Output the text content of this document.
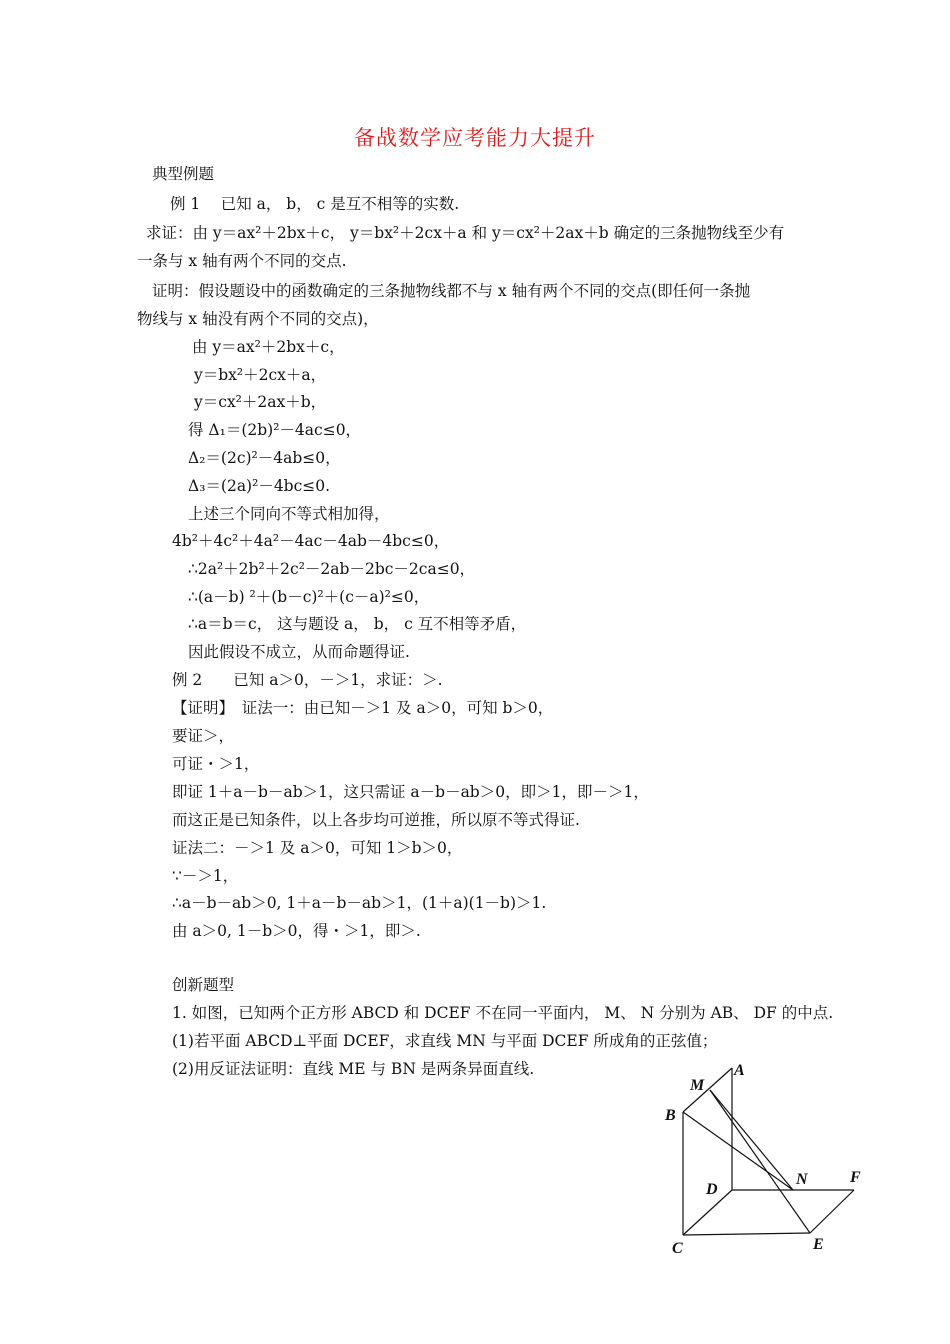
备战数学应考能力大提升
典型例题
例 1　 已知 a， b， c 是互不相等的实数.
求证：由 y＝ax²＋2bx＋c， y＝bx²＋2cx＋a 和 y＝cx²＋2ax＋b 确定的三条抛物线至少有
一条与 x 轴有两个不同的交点.
证明：假设题设中的函数确定的三条抛物线都不与 x 轴有两个不同的交点(即任何一条抛
物线与 x 轴没有两个不同的交点)，
由 y＝ax²＋2bx＋c，
y＝bx²＋2cx＋a，
y＝cx²＋2ax＋b，
得 Δ₁＝(2b)²－4ac≤0，
Δ₂＝(2c)²－4ab≤0，
Δ₃＝(2a)²－4bc≤0.
上述三个同向不等式相加得，
4b²＋4c²＋4a²－4ac－4ab－4bc≤0，
∴2a²＋2b²＋2c²－2ab－2bc－2ca≤0，
∴(a－b) ²＋(b－c)²＋(c－a)²≤0，
∴a＝b＝c， 这与题设 a， b， c 互不相等矛盾，
因此假设不成立，从而命题得证.
例 2　　已知 a＞0，－＞1，求证：＞.
【证明】　证法一：由已知－＞1 及 a＞0，可知 b＞0，
要证＞，
可证・＞1，
即证 1＋a－b－ab＞1，这只需证 a－b－ab＞0，即＞1，即－＞1，
而这正是已知条件，以上各步均可逆推，所以原不等式得证.
证法二：－＞1 及 a＞0，可知 1＞b＞0，
∵－＞1，
∴a－b－ab＞0, 1＋a－b－ab＞1，(1＋a)(1－b)＞1.
由 a＞0, 1－b＞0，得・＞1，即＞.
创新题型
1. 如图，已知两个正方形 ABCD 和 DCEF 不在同一平面内， M、 N 分别为 AB、 DF 的中点.
(1)若平面 ABCD⊥平面 DCEF，求直线 MN 与平面 DCEF 所成角的正弦值；
(2)用反证法证明：直线 ME 与 BN 是两条异面直线.
M
A
B
N	F
D
C	E
